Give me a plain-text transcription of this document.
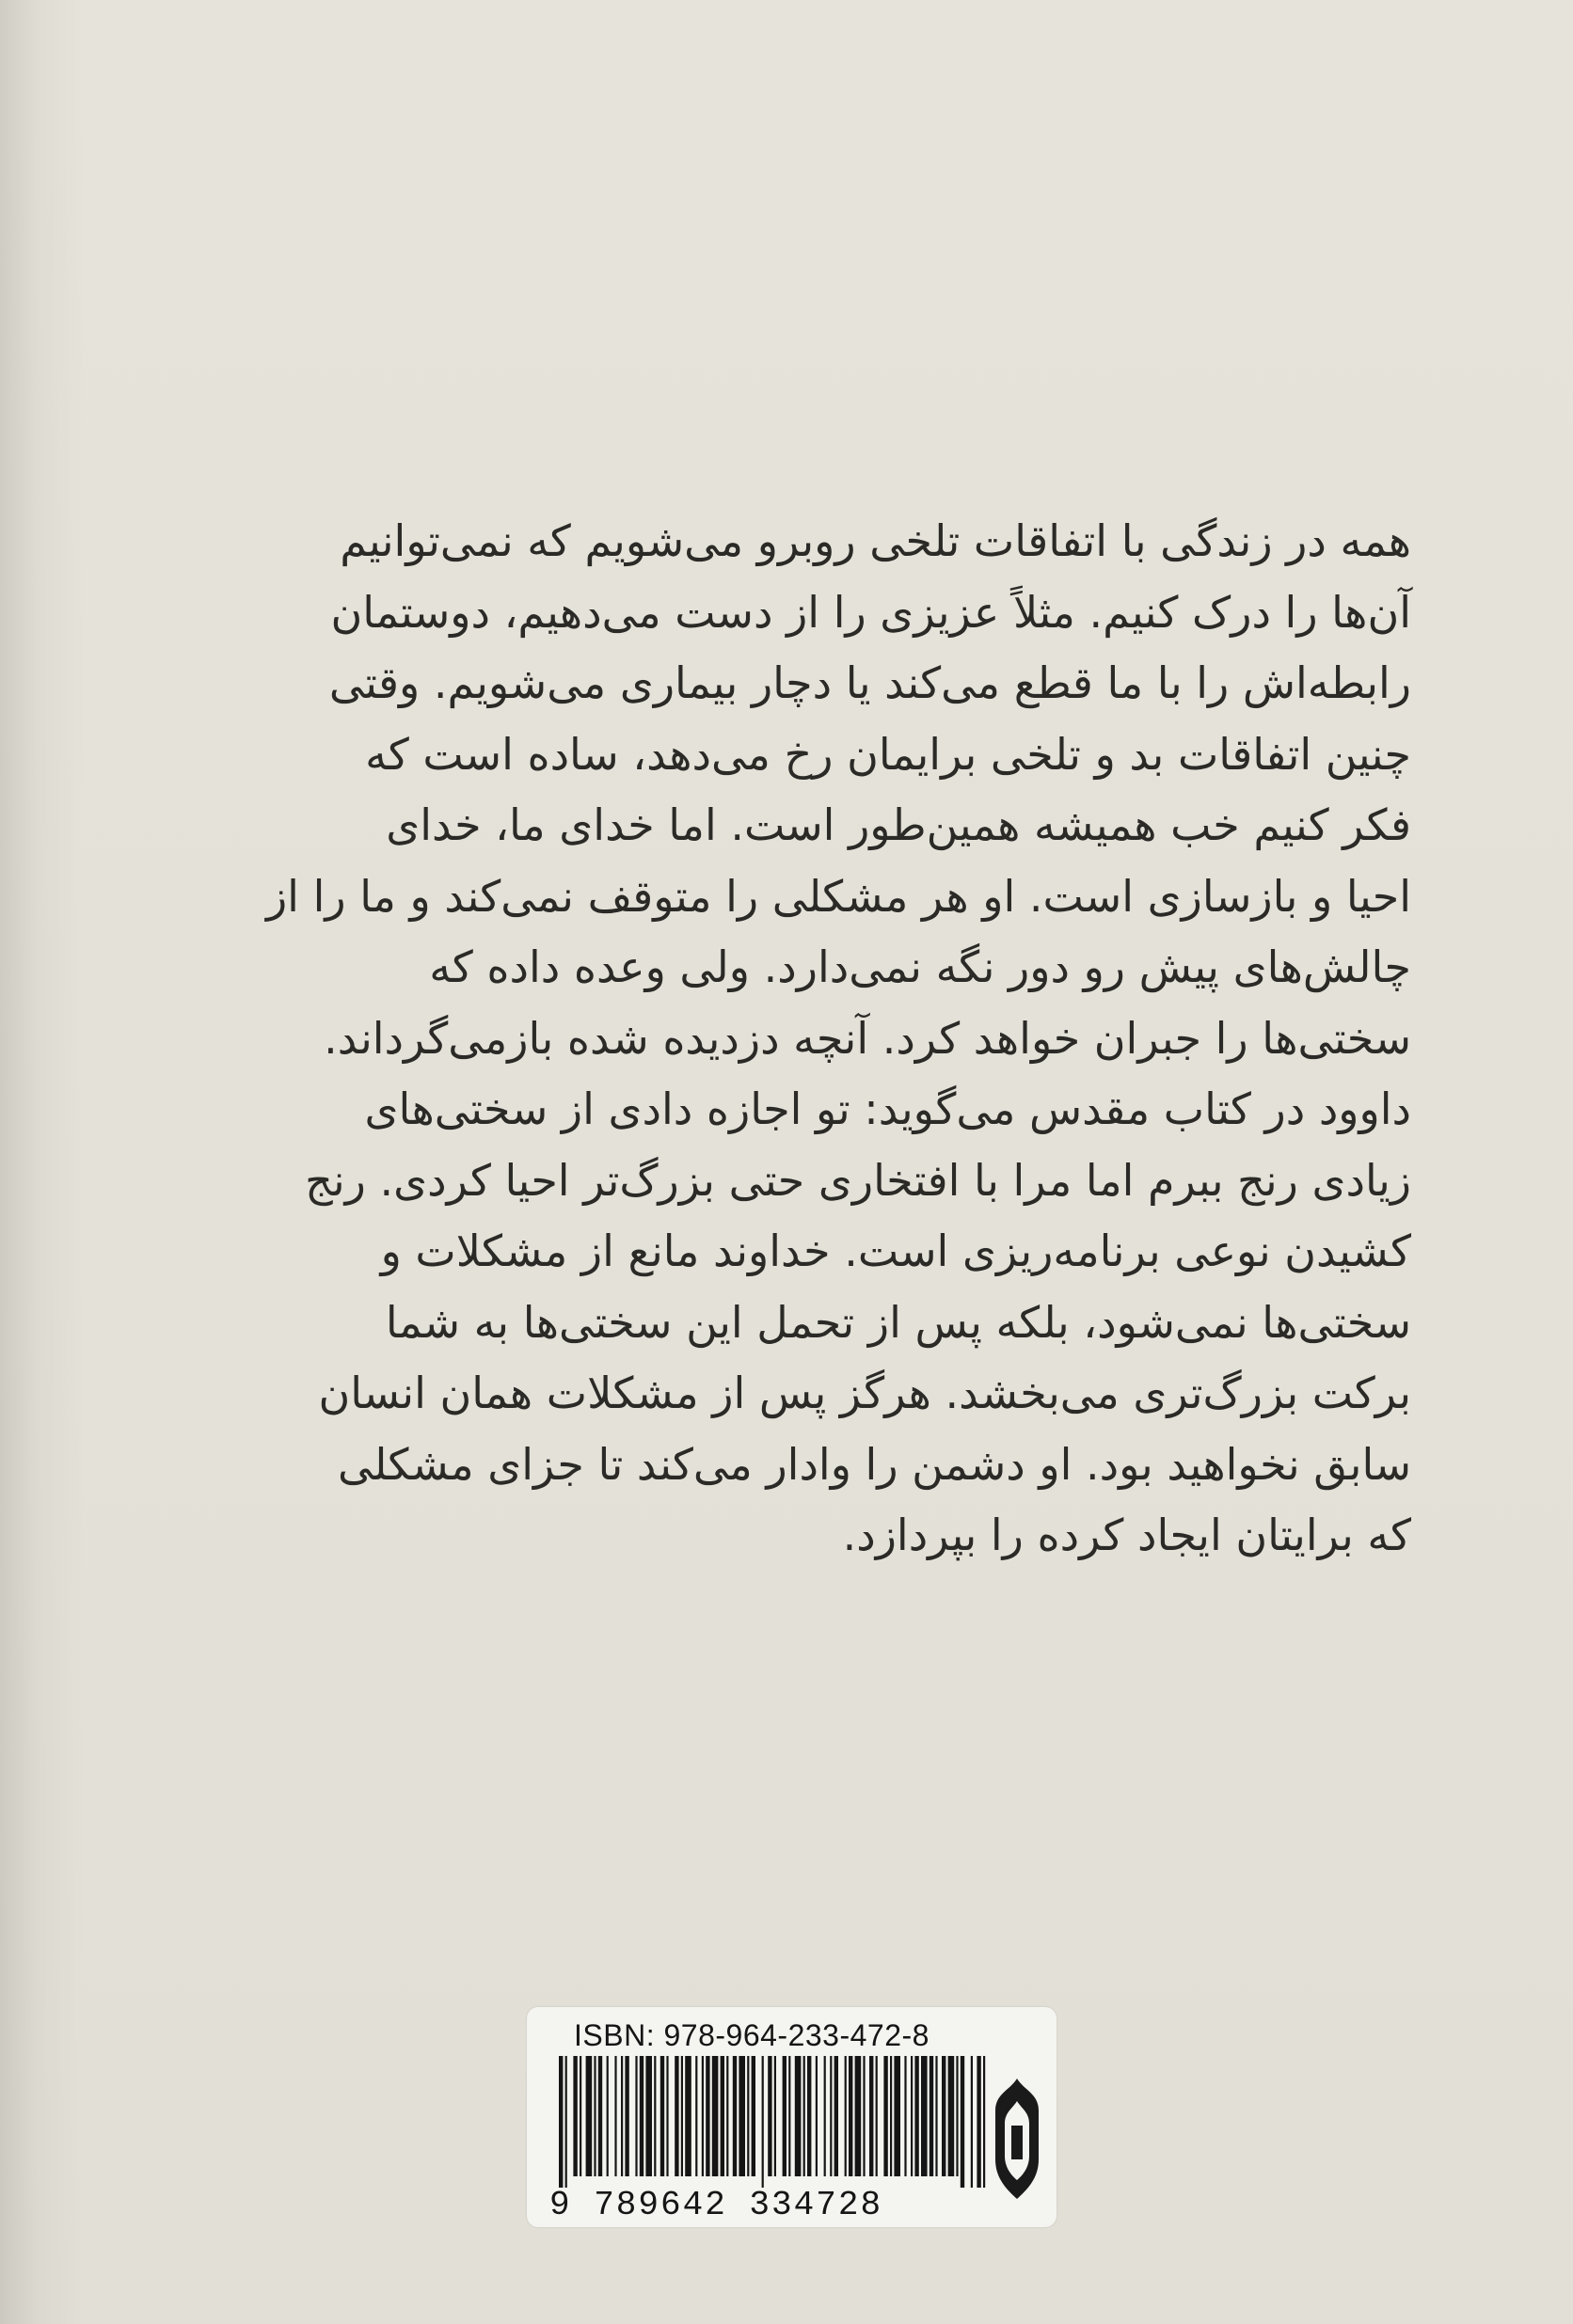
همه در زندگی با اتفاقات تلخی روبرو می‌شویم که نمی‌توانیم
آن‌ها را درک کنیم. مثلاً عزیزی را از دست می‌دهیم، دوستمان
رابطه‌اش را با ما قطع می‌کند یا دچار بیماری می‌شویم. وقتی
چنین اتفاقات بد و تلخی برایمان رخ می‌دهد، ساده است که
فکر کنیم خب همیشه همین‌طور است. اما خدای ما، خدای
احیا و بازسازی است. او هر مشکلی را متوقف نمی‌کند و ما را از
چالش‌های پیش رو دور نگه نمی‌دارد. ولی وعده داده که
سختی‌ها را جبران خواهد کرد. آنچه دزدیده شده بازمی‌گرداند.
داوود در کتاب مقدس می‌گوید: تو اجازه دادی از سختی‌های
زیادی رنج ببرم اما مرا با افتخاری حتی بزرگ‌تر احیا کردی. رنج
کشیدن نوعی برنامه‌ریزی است. خداوند مانع از مشکلات و
سختی‌ها نمی‌شود، بلکه پس از تحمل این سختی‌ها به شما
برکت بزرگ‌تری می‌بخشد. هرگز پس از مشکلات همان انسان
سابق نخواهید بود. او دشمن را وادار می‌کند تا جزای مشکلی
که برایتان ایجاد کرده را بپردازد.
ISBN: 978-964-233-472-8
9 789642 334728
